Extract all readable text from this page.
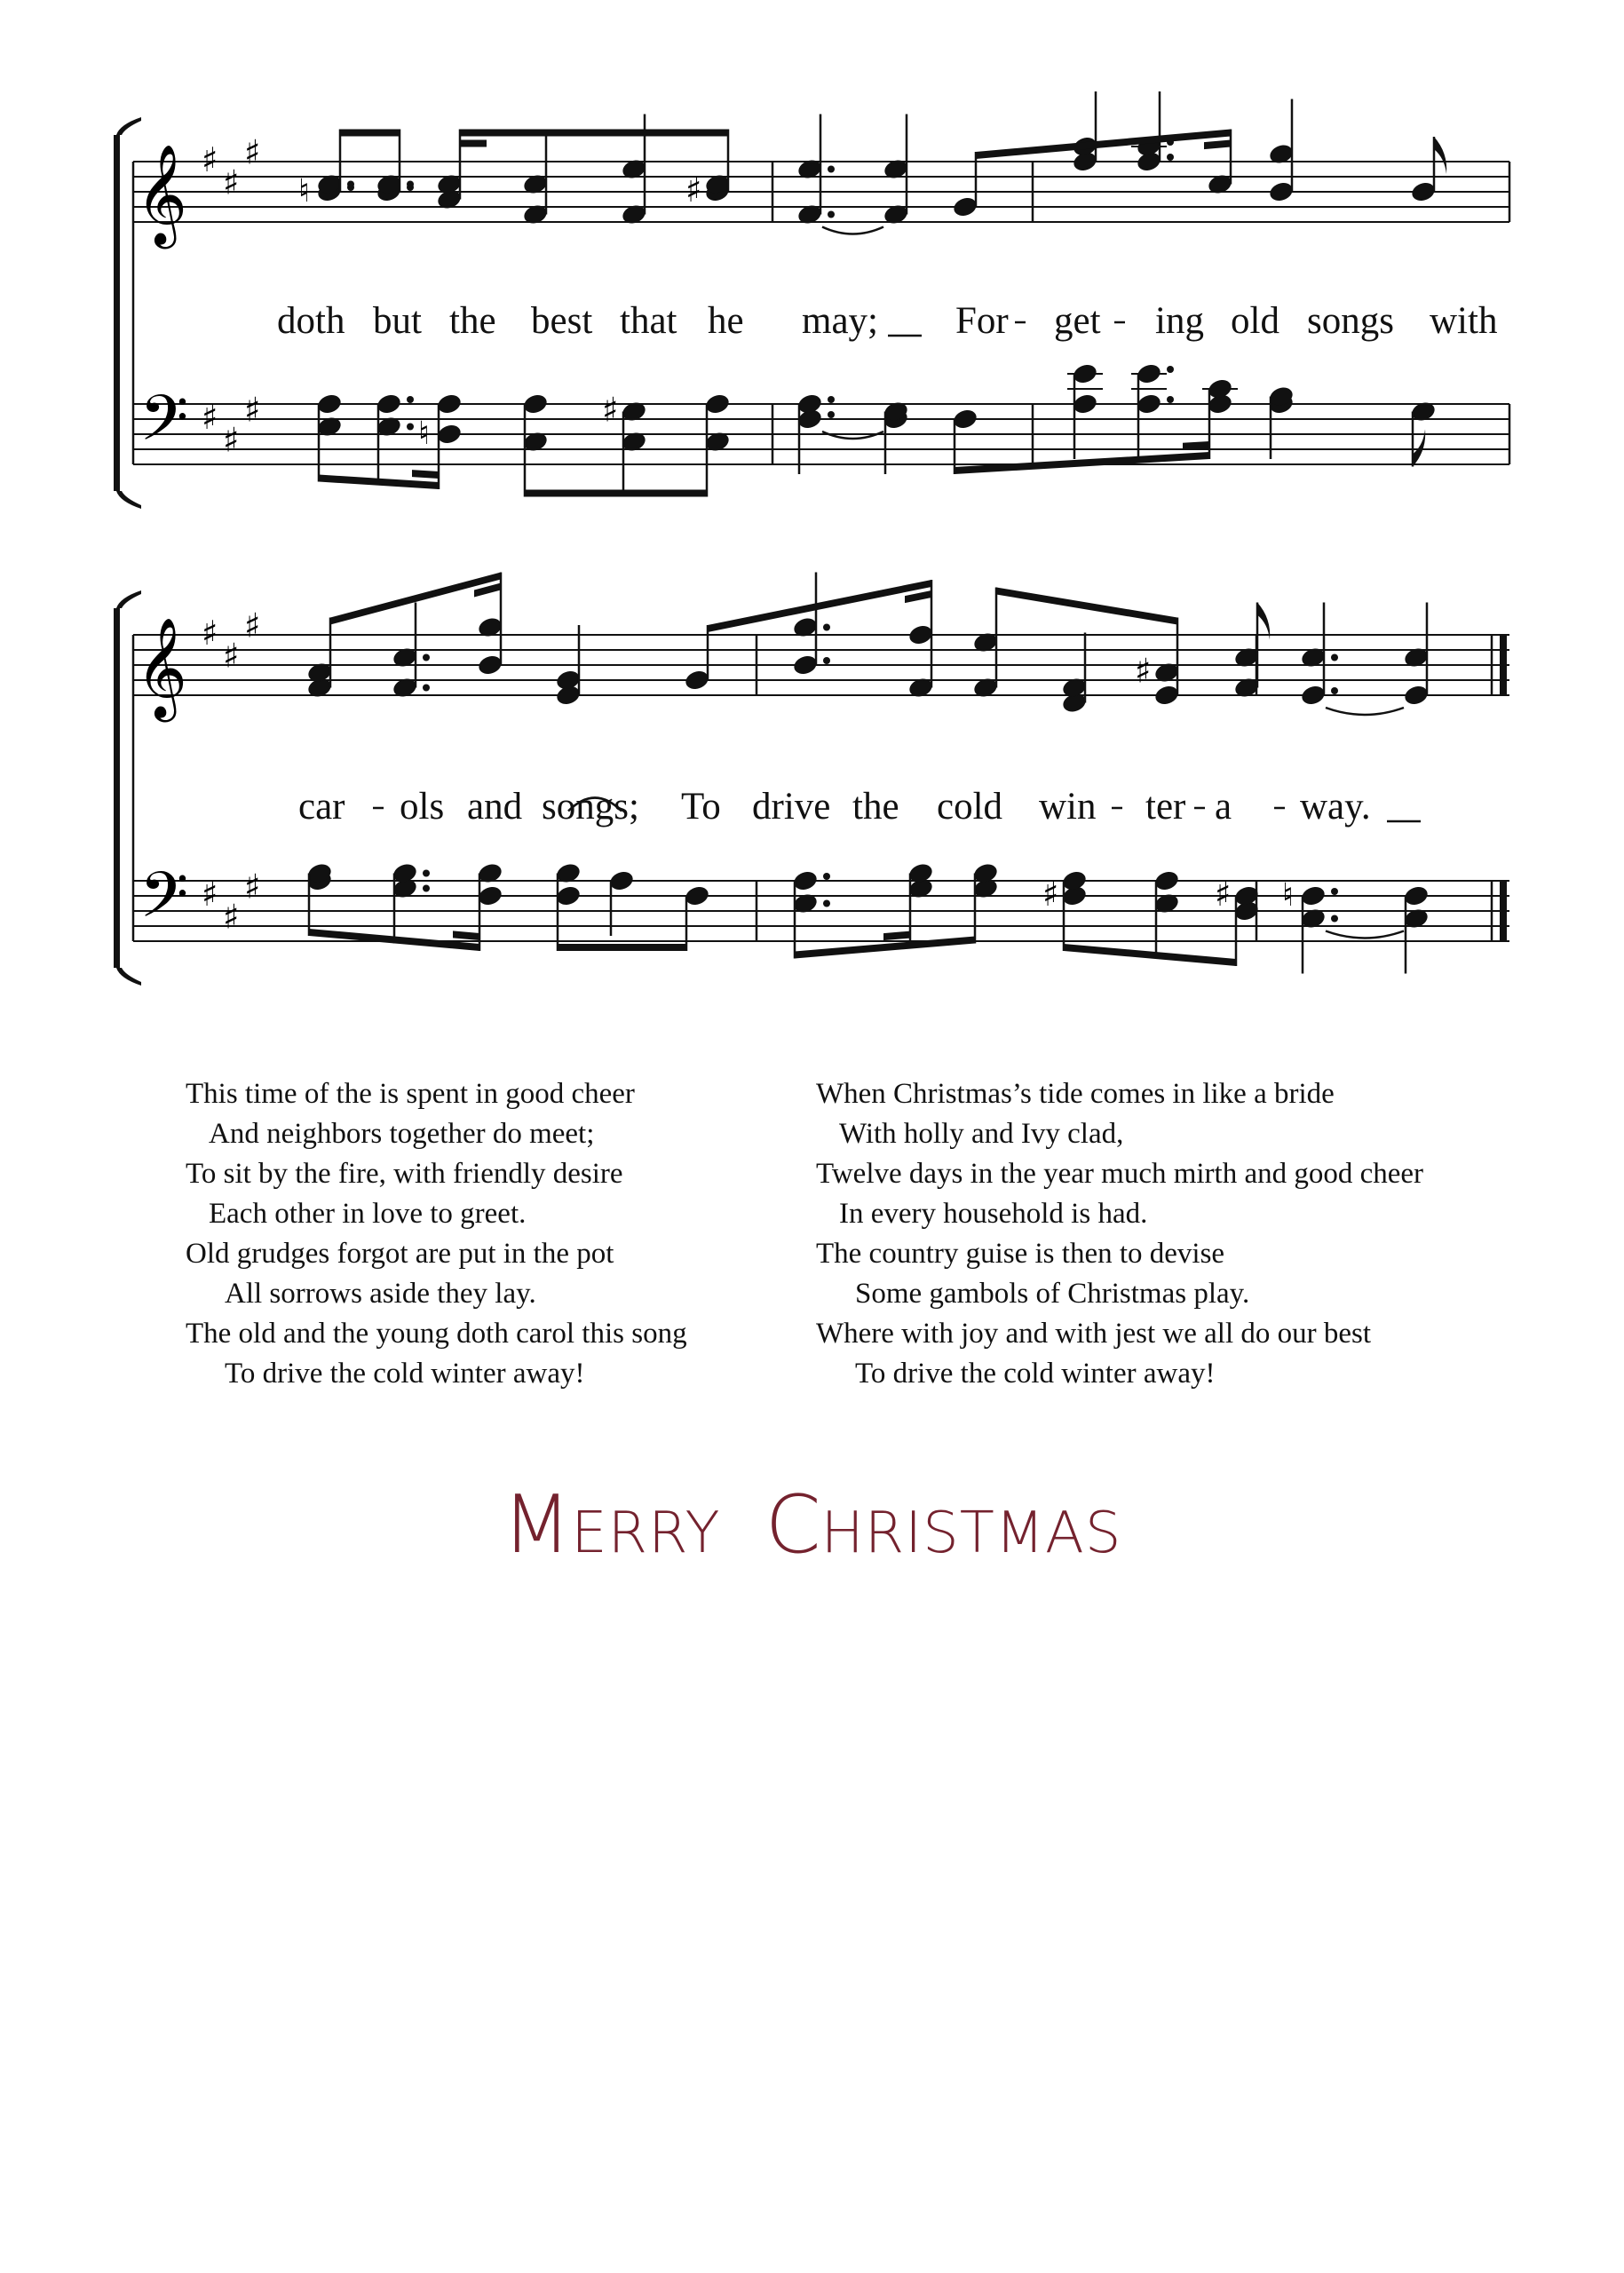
𝄞
𝄢
♯
♯
♯
♯
♯
♯
♯
♯
𝄞
𝄢
♯
♯
♯
♯
♯
♯
♯
♯	♯
♮
♮
♮
doth but the best that he may; For get ing old songs with
car ols and songs; To drive the cold win ter a way.
This time of the is spent in good cheer
And neighbors together do meet;
To sit by the fire, with friendly desire
Each other in love to greet.
Old grudges forgot are put in the pot
All sorrows aside they lay.
The old and the young doth carol this song
To drive the cold winter away!
When Christmas’s tide comes in like a bride
With holly and Ivy clad,
Twelve days in the year much mirth and good cheer
In every household is had.
The country guise is then to devise
Some gambols of Christmas play.
Where with joy and with jest we all do our best
To drive the cold winter away!
MERRY CHRISTMAS
